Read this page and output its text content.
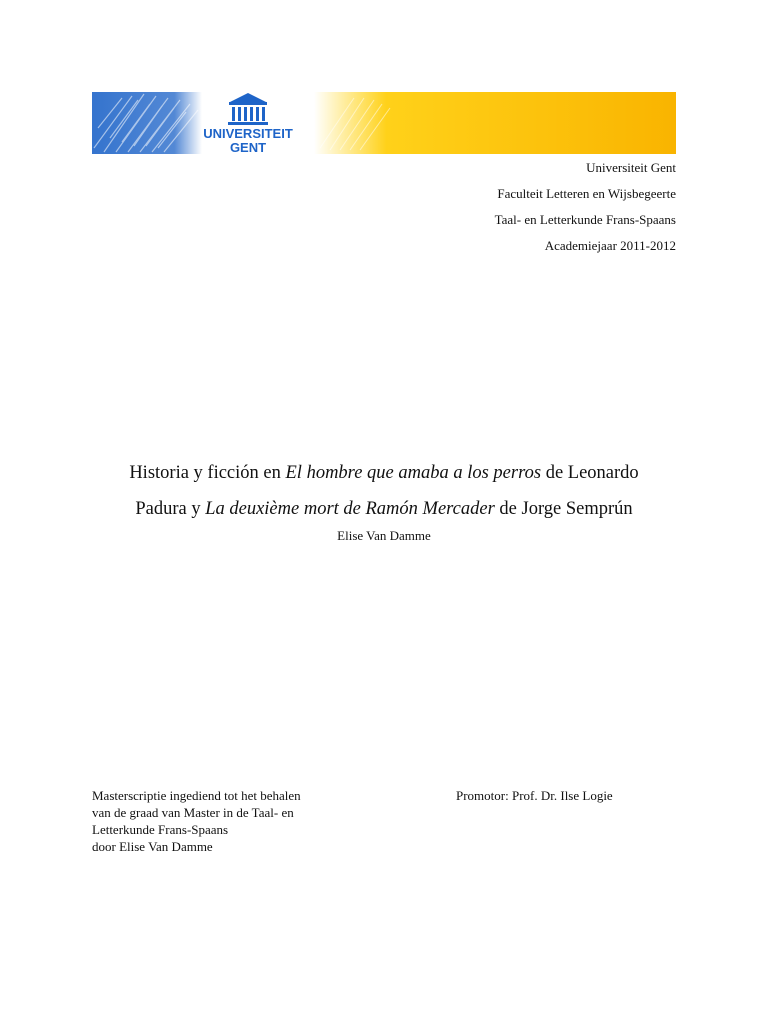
UNIVERSITEIT
GENT
Universiteit Gent
Faculteit Letteren en Wijsbegeerte
Taal- en Letterkunde Frans-Spaans
Academiejaar 2011-2012
Historia y ficción en El hombre que amaba a los perros de Leonardo
Padura y La deuxième mort de Ramón Mercader de Jorge Semprún
Elise Van Damme
Masterscriptie ingediend tot het behalen
van de graad van Master in de Taal- en
Letterkunde Frans-Spaans
door Elise Van Damme
Promotor: Prof. Dr. Ilse Logie
